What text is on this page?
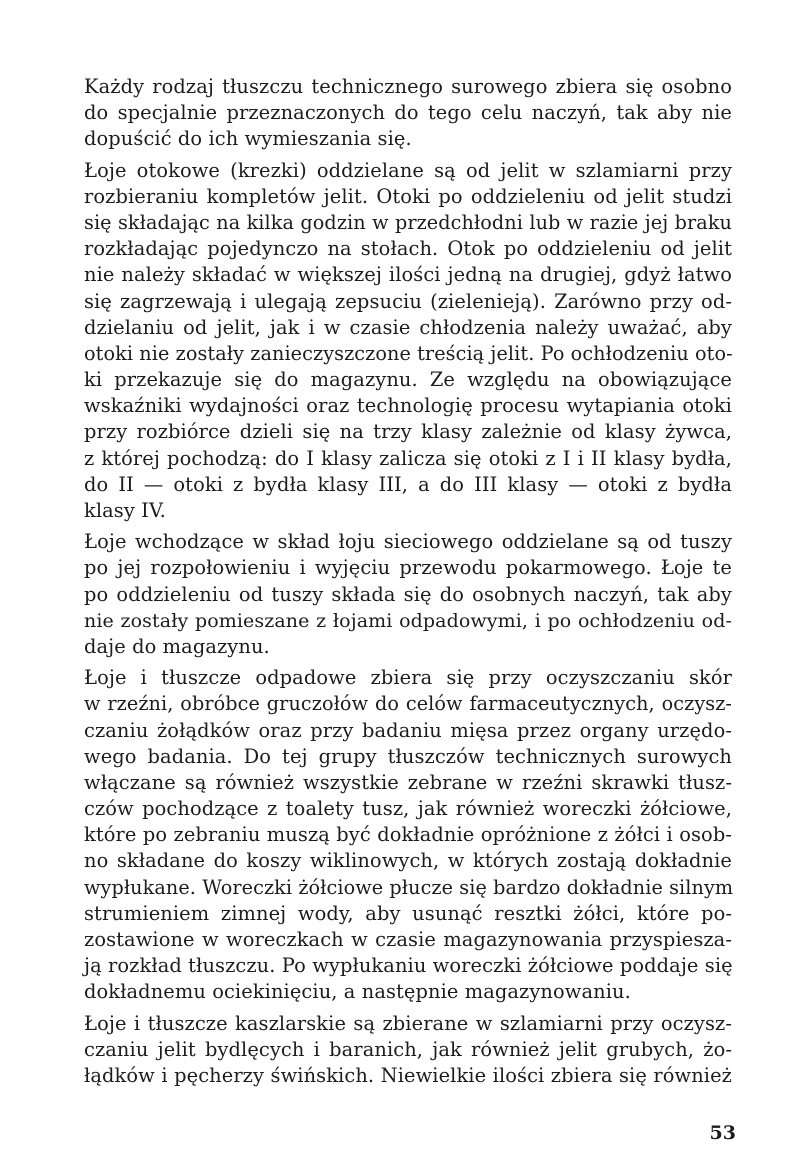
Każdy rodzaj tłuszczu technicznego surowego zbiera się osobno
do specjalnie przeznaczonych do tego celu naczyń, tak aby nie
dopuścić do ich wymieszania się.
Łoje otokowe (krezki) oddzielane są od jelit w szlamiarni przy
rozbieraniu kompletów jelit. Otoki po oddzieleniu od jelit studzi
się składając na kilka godzin w przedchłodni lub w razie jej braku
rozkładając pojedynczo na stołach. Otok po oddzieleniu od jelit
nie należy składać w większej ilości jedną na drugiej, gdyż łatwo
się zagrzewają i ulegają zepsuciu (zielenieją). Zarówno przy od-
dzielaniu od jelit, jak i w czasie chłodzenia należy uważać, aby
otoki nie zostały zanieczyszczone treścią jelit. Po ochłodzeniu oto-
ki przekazuje się do magazynu. Ze względu na obowiązujące
wskaźniki wydajności oraz technologię procesu wytapiania otoki
przy rozbiórce dzieli się na trzy klasy zależnie od klasy żywca,
z której pochodzą: do I klasy zalicza się otoki z I i II klasy bydła,
do II — otoki z bydła klasy III, a do III klasy — otoki z bydła
klasy IV.
Łoje wchodzące w skład łoju sieciowego oddzielane są od tuszy
po jej rozpołowieniu i wyjęciu przewodu pokarmowego. Łoje te
po oddzieleniu od tuszy składa się do osobnych naczyń, tak aby
nie zostały pomieszane z łojami odpadowymi, i po ochłodzeniu od-
daje do magazynu.
Łoje i tłuszcze odpadowe zbiera się przy oczyszczaniu skór
w rzeźni, obróbce gruczołów do celów farmaceutycznych, oczysz-
czaniu żołądków oraz przy badaniu mięsa przez organy urzędo-
wego badania. Do tej grupy tłuszczów technicznych surowych
włączane są również wszystkie zebrane w rzeźni skrawki tłusz-
czów pochodzące z toalety tusz, jak również woreczki żółciowe,
które po zebraniu muszą być dokładnie opróżnione z żółci i osob-
no składane do koszy wiklinowych, w których zostają dokładnie
wypłukane. Woreczki żółciowe płucze się bardzo dokładnie silnym
strumieniem zimnej wody, aby usunąć resztki żółci, które po-
zostawione w woreczkach w czasie magazynowania przyspiesza-
ją rozkład tłuszczu. Po wypłukaniu woreczki żółciowe poddaje się
dokładnemu ociekinięciu, a następnie magazynowaniu.
Łoje i tłuszcze kaszlarskie są zbierane w szlamiarni przy oczysz-
czaniu jelit bydlęcych i baranich, jak również jelit grubych, żo-
łądków i pęcherzy świńskich. Niewielkie ilości zbiera się również
53
